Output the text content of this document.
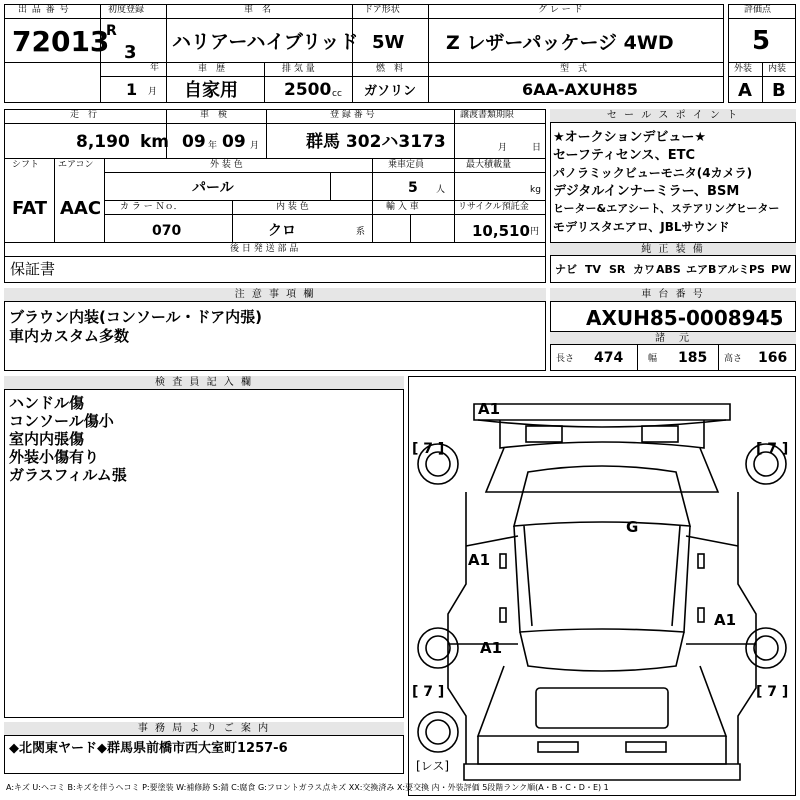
出 品 番 号
72013
初度登録
R
3
年
1 月
車　名
ハリアーハイブリッド
ドア形状
5W
グ レ ー ド
Z レザーパッケージ 4WD
車　歴
自家用
排 気 量
2500 cc
燃　料
ガソリン
型　式
6AA-AXUH85
評価点
5
外装 内装
A B
走　行
8,190 km
車　検
09 年 09 月
登 録 番 号
群馬 302ハ3173
譲渡書類期限
月	日
シフト
FAT
エアコン
AAC
外 装 色
パール
乗車定員
5 人
最大積載量
kg
カ ラ ー Ｎｏ．
070
内 装 色
クロ	系
輸 入 車	リサイクル預託金
10,510 円
後 日 発 送 部 品
保証書
セ ー ル ス ポ イ ン ト
★オークションデビュー★
セーフティセンス、ETC
パノラミックビューモニタ(4カメラ)
デジタルインナーミラー、BSM
ヒーター&エアシート、ステアリングヒーター
モデリスタエアロ、JBLサウンド
純 正 装 備
ナビ TV SR カワ ABS エアB アルミ PS PW
注 意 事 項 欄
ブラウン内装(コンソール・ドア内張)
車内カスタム多数
車 台 番 号
AXUH85-0008945
諸　元
長さ 474	幅 185 高さ 166
検 査 員 記 入 欄
ハンドル傷
コンソール傷小
室内内張傷
外装小傷有り
ガラスフィルム張
A1
G
A1
A1
A1
[ 7 ]	[ 7 ]
[ 7 ]	[ 7 ]
[レス]
事 務 局 よ り ご 案 内
◆北関東ヤード◆群馬県前橋市西大室町1257-6
A:キズ U:ヘコミ B:キズを伴うヘコミ P:要塗装 W:補修跡 S:錆 C:腐食 G:フロントガラス点キズ XX:交換済み X:要交換 内・外装評価 5段階ランク順(A・B・C・D・E) 1
